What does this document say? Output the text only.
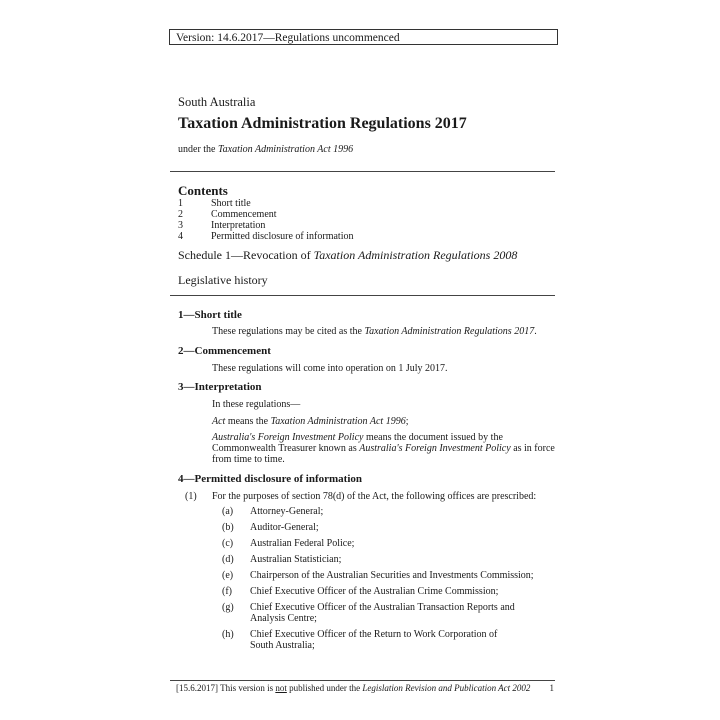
Version: 14.6.2017—Regulations uncommenced
South Australia
Taxation Administration Regulations 2017
under the Taxation Administration Act 1996
Contents
1	Short title
2	Commencement
3	Interpretation
4	Permitted disclosure of information
Schedule 1—Revocation of Taxation Administration Regulations 2008
Legislative history
1—Short title
These regulations may be cited as the Taxation Administration Regulations 2017.
2—Commencement
These regulations will come into operation on 1 July 2017.
3—Interpretation
In these regulations—
Act means the Taxation Administration Act 1996;
Australia's Foreign Investment Policy means the document issued by the Commonwealth Treasurer known as Australia's Foreign Investment Policy as in force from time to time.
4—Permitted disclosure of information
(1)	For the purposes of section 78(d) of the Act, the following offices are prescribed:
(a)	Attorney-General;
(b)	Auditor-General;
(c)	Australian Federal Police;
(d)	Australian Statistician;
(e)	Chairperson of the Australian Securities and Investments Commission;
(f)	Chief Executive Officer of the Australian Crime Commission;
(g)	Chief Executive Officer of the Australian Transaction Reports and Analysis Centre;
(h)	Chief Executive Officer of the Return to Work Corporation of South Australia;
[15.6.2017] This version is not published under the Legislation Revision and Publication Act 2002 1
